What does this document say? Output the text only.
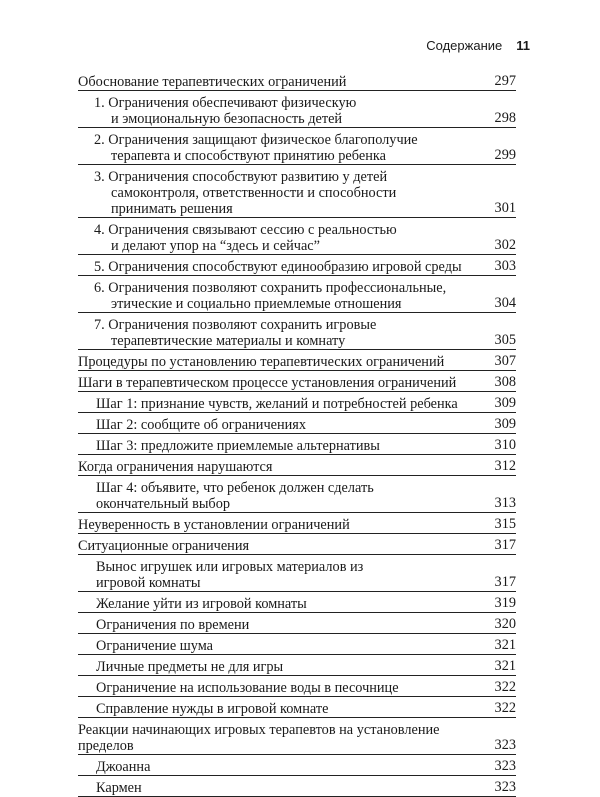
Содержание 11
Обоснование терапевтических ограничений	297
1. Ограничения обеспечивают физическую
и эмоциональную безопасность детей	298
2. Ограничения защищают физическое благополучие
терапевта и способствуют принятию ребенка	299
3. Ограничения способствуют развитию у детей
самоконтроля, ответственности и способности
принимать решения	301
4. Ограничения связывают сессию с реальностью
и делают упор на “здесь и сейчас”	302
5. Ограничения способствуют единообразию игровой среды	303
6. Ограничения позволяют сохранить профессиональные,
этические и социально приемлемые отношения	304
7. Ограничения позволяют сохранить игровые
терапевтические материалы и комнату	305
Процедуры по установлению терапевтических ограничений	307
Шаги в терапевтическом процессе установления ограничений	308
Шаг 1: признание чувств, желаний и потребностей ребенка	309
Шаг 2: сообщите об ограничениях	309
Шаг 3: предложите приемлемые альтернативы	310
Когда ограничения нарушаются	312
Шаг 4: объявите, что ребенок должен сделать
окончательный выбор	313
Неуверенность в установлении ограничений	315
Ситуационные ограничения	317
Вынос игрушек или игровых материалов из
игровой комнаты	317
Желание уйти из игровой комнаты	319
Ограничения по времени	320
Ограничение шума	321
Личные предметы не для игры	321
Ограничение на использование воды в песочнице	322
Справление нужды в игровой комнате	322
Реакции начинающих игровых терапевтов на установление
пределов	323
Джоанна	323
Кармен	323
